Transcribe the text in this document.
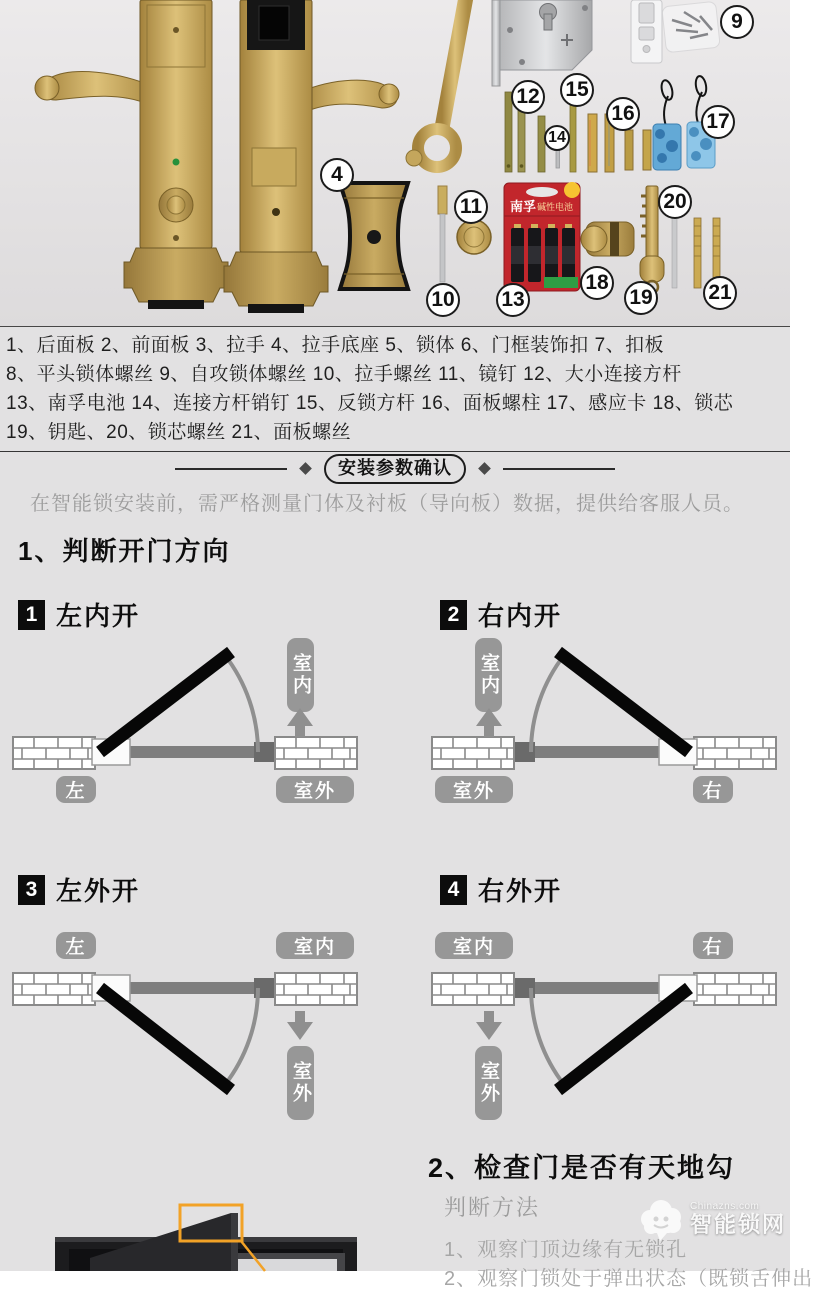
南孚 碱性电池
9
12 15
14
16	17
4
11	20
10 13
18
19	21

1、后面板 2、前面板 3、拉手 4、拉手底座 5、锁体 6、门框装饰扣 7、扣板

8、平头锁体螺丝 9、自攻锁体螺丝 10、拉手螺丝 11、镜钉 12、大小连接方杆

13、南孚电池 14、连接方杆销钉 15、反锁方杆 16、面板螺柱 17、感应卡 18、锁芯

19、钥匙、20、锁芯螺丝 21、面板螺丝

安装参数确认

在智能锁安装前，需严格测量门体及衬板（导向板）数据，提供给客服人员。

1、判断开门方向
1 左内开	2 右内开
3 左外开	4 右外开
室内
左	室外
室内
室外	右
左	室内
室外
室内	右
室外
2、检查门是否有天地勾

判断方法

1、观察门顶边缘有无锁孔

2、观察门锁处于弹出状态（既锁舌伸出

Chinazns.com
智能锁网
